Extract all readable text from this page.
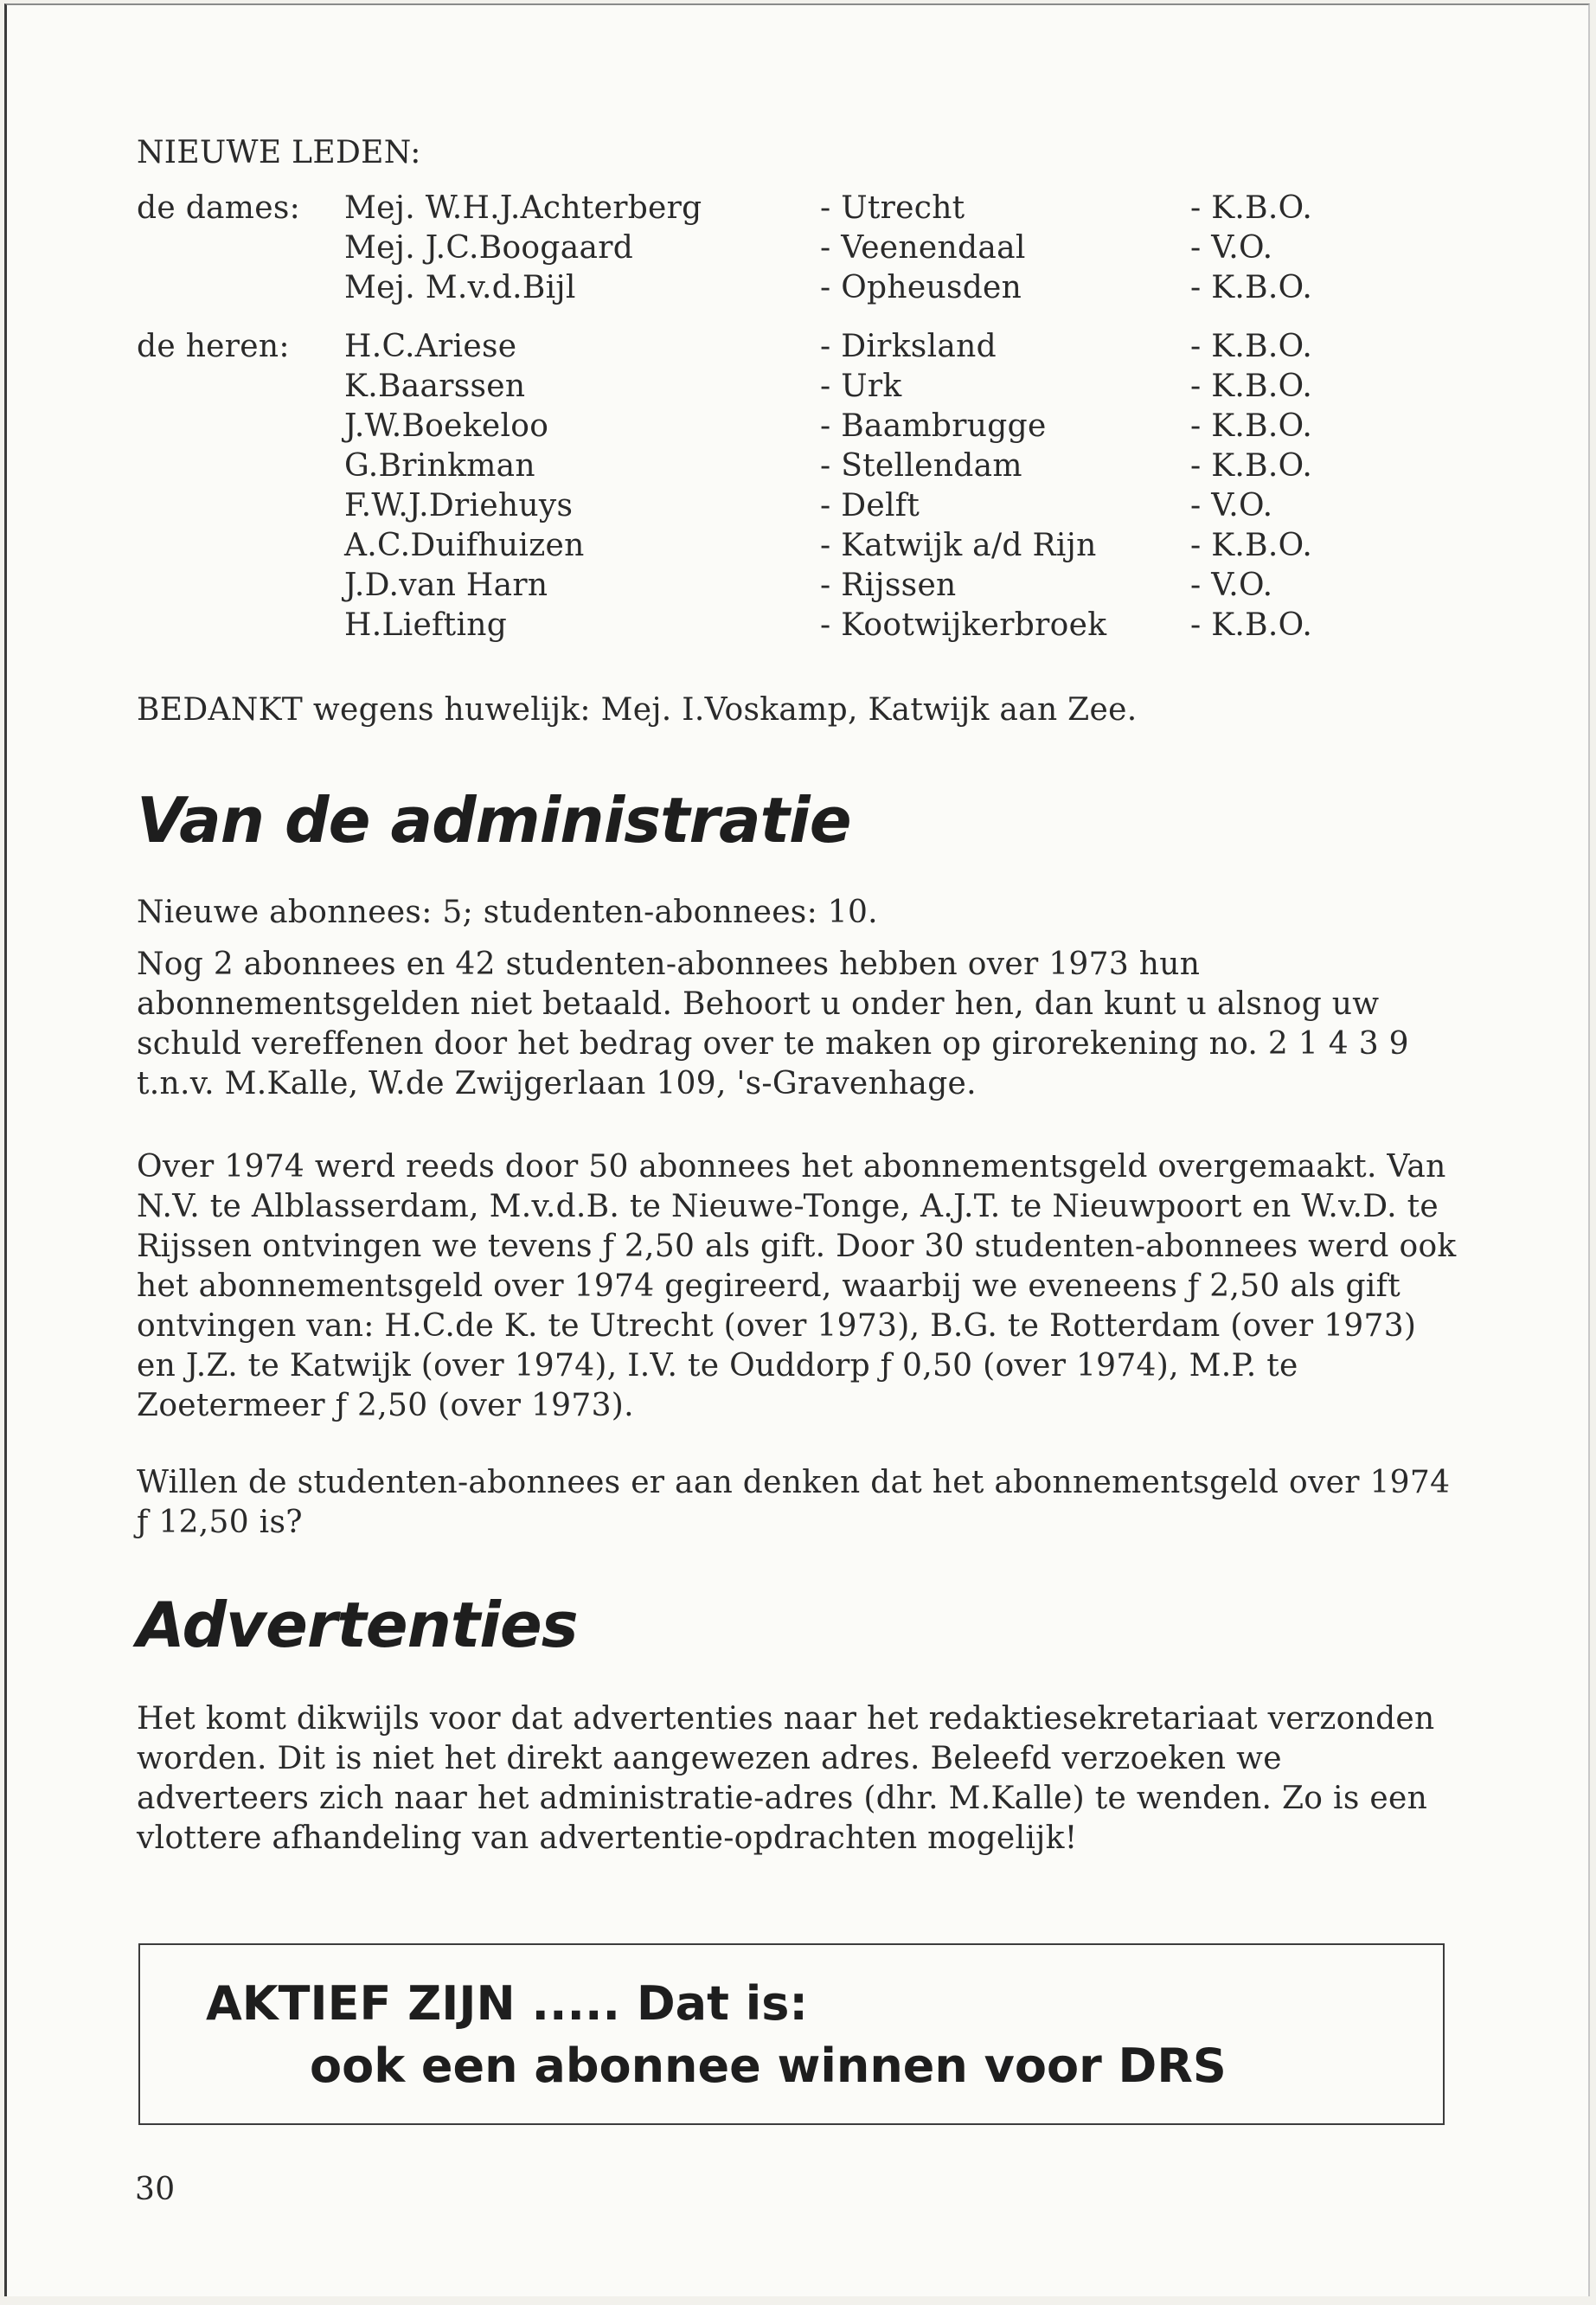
NIEUWE LEDEN:
de dames: Mej. W.H.J.Achterberg	- Utrecht	- K.B.O.
Mej. J.C.Boogaard	- Veenendaal	- V.O.
Mej. M.v.d.Bijl	- Opheusden	- K.B.O.
de heren: H.C.Ariese	- Dirksland	- K.B.O.
K.Baarssen	- Urk	- K.B.O.
J.W.Boekeloo	- Baambrugge	- K.B.O.
G.Brinkman	- Stellendam	- K.B.O.
F.W.J.Driehuys	- Delft	- V.O.
A.C.Duifhuizen	- Katwijk a/d Rijn	- K.B.O.
J.D.van Harn	- Rijssen	- V.O.
H.Liefting	- Kootwijkerbroek	- K.B.O.
BEDANKT wegens huwelijk: Mej. I.Voskamp, Katwijk aan Zee.
Van de administratie

Nieuwe abonnees: 5; studenten-abonnees: 10.

Nog 2 abonnees en 42 studenten-abonnees hebben over 1973 hun abonnementsgelden niet betaald. Behoort u onder hen, dan kunt u alsnog uw schuld vereffenen door het bedrag over te maken op girorekening no. 2 1 4 3 9 t.n.v. M.Kalle, W.de Zwijgerlaan 109, 's-Gravenhage.

Over 1974 werd reeds door 50 abonnees het abonnementsgeld overgemaakt. Van N.V. te Alblasserdam, M.v.d.B. te Nieuwe-Tonge, A.J.T. te Nieuwpoort en W.v.D. te Rijssen ontvingen we tevens ƒ 2,50 als gift. Door 30 studenten-abonnees werd ook het abonnementsgeld over 1974 gegireerd, waarbij we eveneens ƒ 2,50 als gift ontvingen van: H.C.de K. te Utrecht (over 1973), B.G. te Rotterdam (over 1973) en J.Z. te Katwijk (over 1974), I.V. te Ouddorp ƒ 0,50 (over 1974), M.P. te Zoetermeer ƒ 2,50 (over 1973).

Willen de studenten-abonnees er aan denken dat het abonnementsgeld over 1974 ƒ 12,50 is?

Advertenties

Het komt dikwijls voor dat advertenties naar het redaktiesekretariaat verzonden worden. Dit is niet het direkt aangewezen adres. Beleefd verzoeken we adverteers zich naar het administratie-adres (dhr. M.Kalle) te wenden. Zo is een vlottere afhandeling van advertentie-opdrachten mogelijk!

AKTIEF ZIJN ..... Dat is:
ook een abonnee winnen voor DRS
30
